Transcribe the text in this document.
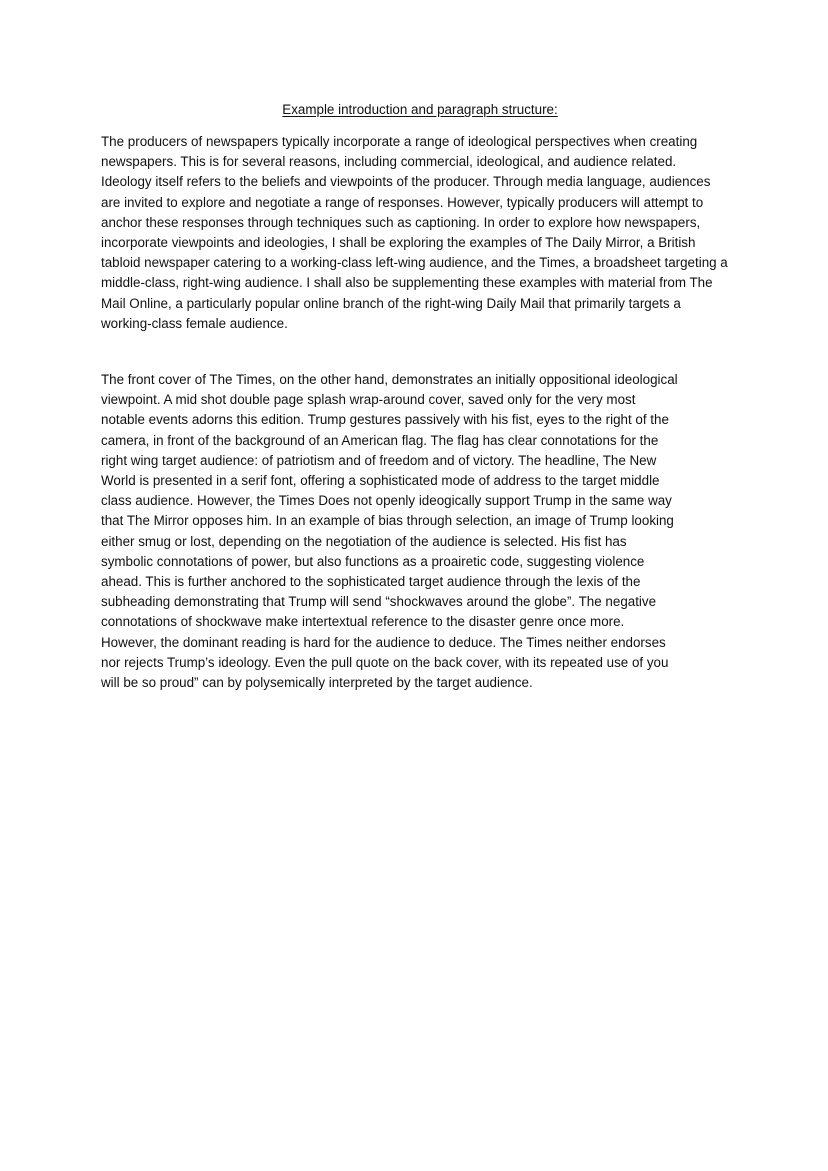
Example introduction and paragraph structure:

The producers of newspapers typically incorporate a range of ideological perspectives when creating newspapers. This is for several reasons, including commercial, ideological, and audience related. Ideology itself refers to the beliefs and viewpoints of the producer. Through media language, audiences are invited to explore and negotiate a range of responses. However, typically producers will attempt to anchor these responses through techniques such as captioning. In order to explore how newspapers, incorporate viewpoints and ideologies, I shall be exploring the examples of The Daily Mirror, a British tabloid newspaper catering to a working-class left-wing audience, and the Times, a broadsheet targeting a middle-class, right-wing audience. I shall also be supplementing these examples with material from The Mail Online, a particularly popular online branch of the right-wing Daily Mail that primarily targets a working-class female audience.

The front cover of The Times, on the other hand, demonstrates an initially oppositional ideological viewpoint. A mid shot double page splash wrap-around cover, saved only for the very most notable events adorns this edition. Trump gestures passively with his fist, eyes to the right of the camera, in front of the background of an American flag. The flag has clear connotations for the right wing target audience: of patriotism and of freedom and of victory. The headline, The New World is presented in a serif font, offering a sophisticated mode of address to the target middle class audience. However, the Times Does not openly ideogically support Trump in the same way that The Mirror opposes him. In an example of bias through selection, an image of Trump looking either smug or lost, depending on the negotiation of the audience is selected. His fist has symbolic connotations of power, but also functions as a proairetic code, suggesting violence ahead. This is further anchored to the sophisticated target audience through the lexis of the subheading demonstrating that Trump will send “shockwaves around the globe”. The negative connotations of shockwave make intertextual reference to the disaster genre once more. However, the dominant reading is hard for the audience to deduce. The Times neither endorses nor rejects Trump’s ideology. Even the pull quote on the back cover, with its repeated use of you will be so proud” can by polysemically interpreted by the target audience.
